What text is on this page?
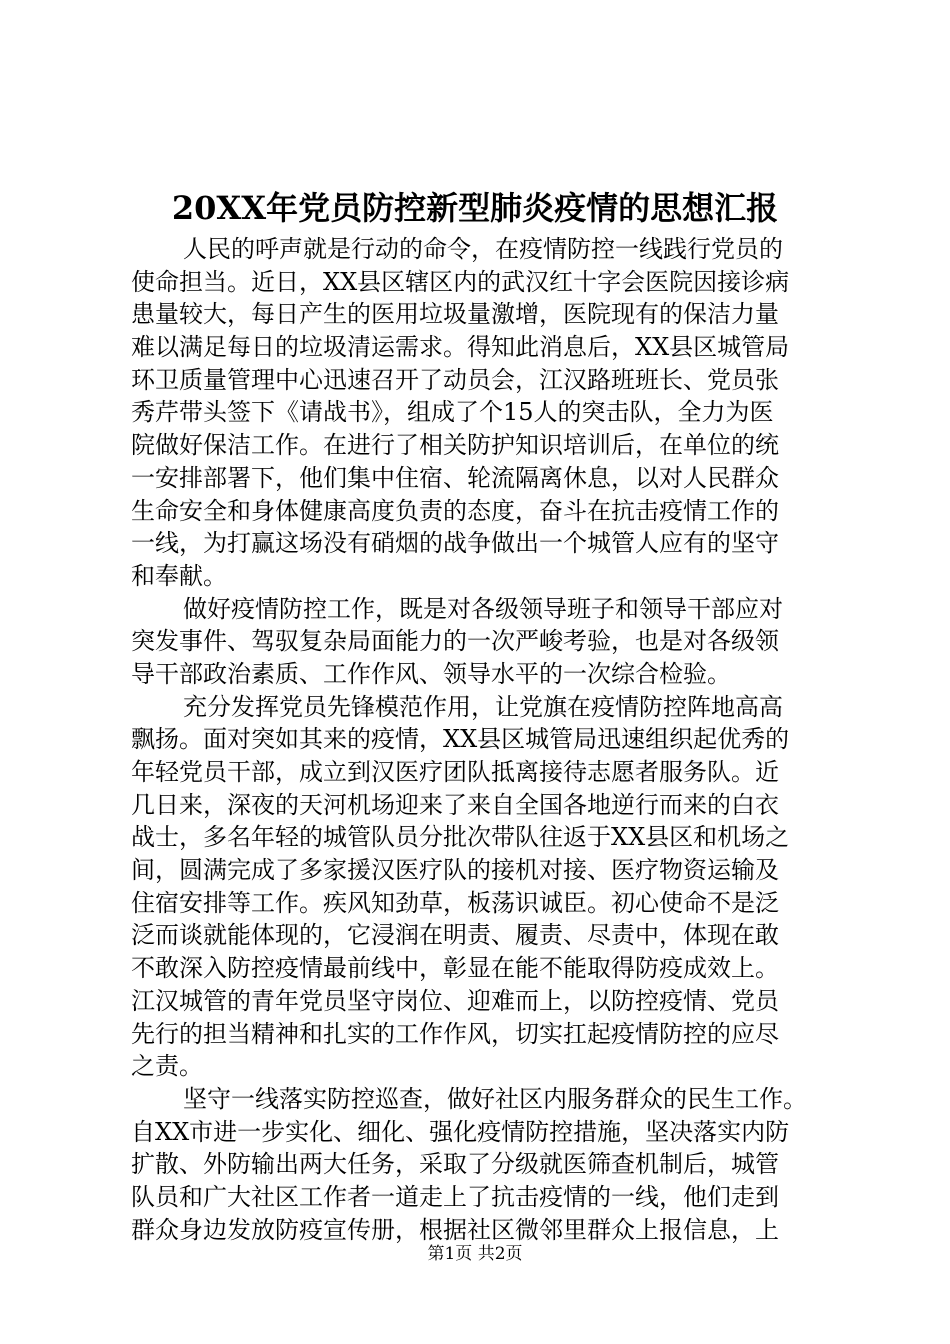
20XX年党员防控新型肺炎疫情的思想汇报
人民的呼声就是行动的命令，在疫情防控一线践行党员的
使命担当。近日，XX县区辖区内的武汉红十字会医院因接诊病
患量较大，每日产生的医用垃圾量激增，医院现有的保洁力量
难以满足每日的垃圾清运需求。得知此消息后，XX县区城管局
环卫质量管理中心迅速召开了动员会，江汉路班班长、党员张
秀芹带头签下《请战书》，组成了个15人的突击队，全力为医
院做好保洁工作。在进行了相关防护知识培训后，在单位的统
一安排部署下，他们集中住宿、轮流隔离休息，以对人民群众
生命安全和身体健康高度负责的态度，奋斗在抗击疫情工作的
一线，为打赢这场没有硝烟的战争做出一个城管人应有的坚守
和奉献。
做好疫情防控工作，既是对各级领导班子和领导干部应对
突发事件、驾驭复杂局面能力的一次严峻考验，也是对各级领
导干部政治素质、工作作风、领导水平的一次综合检验。
充分发挥党员先锋模范作用，让党旗在疫情防控阵地高高
飘扬。面对突如其来的疫情，XX县区城管局迅速组织起优秀的
年轻党员干部，成立到汉医疗团队抵离接待志愿者服务队。近
几日来，深夜的天河机场迎来了来自全国各地逆行而来的白衣
战士，多名年轻的城管队员分批次带队往返于XX县区和机场之
间，圆满完成了多家援汉医疗队的接机对接、医疗物资运输及
住宿安排等工作。疾风知劲草，板荡识诚臣。初心使命不是泛
泛而谈就能体现的，它浸润在明责、履责、尽责中，体现在敢
不敢深入防控疫情最前线中，彰显在能不能取得防疫成效上。
江汉城管的青年党员坚守岗位、迎难而上，以防控疫情、党员
先行的担当精神和扎实的工作作风，切实扛起疫情防控的应尽
之责。
坚守一线落实防控巡查，做好社区内服务群众的民生工作。
自XX市进一步实化、细化、强化疫情防控措施，坚决落实内防
扩散、外防输出两大任务，采取了分级就医筛查机制后，城管
队员和广大社区工作者一道走上了抗击疫情的一线，他们走到
群众身边发放防疫宣传册，根据社区微邻里群众上报信息，上
第1页 共2页
